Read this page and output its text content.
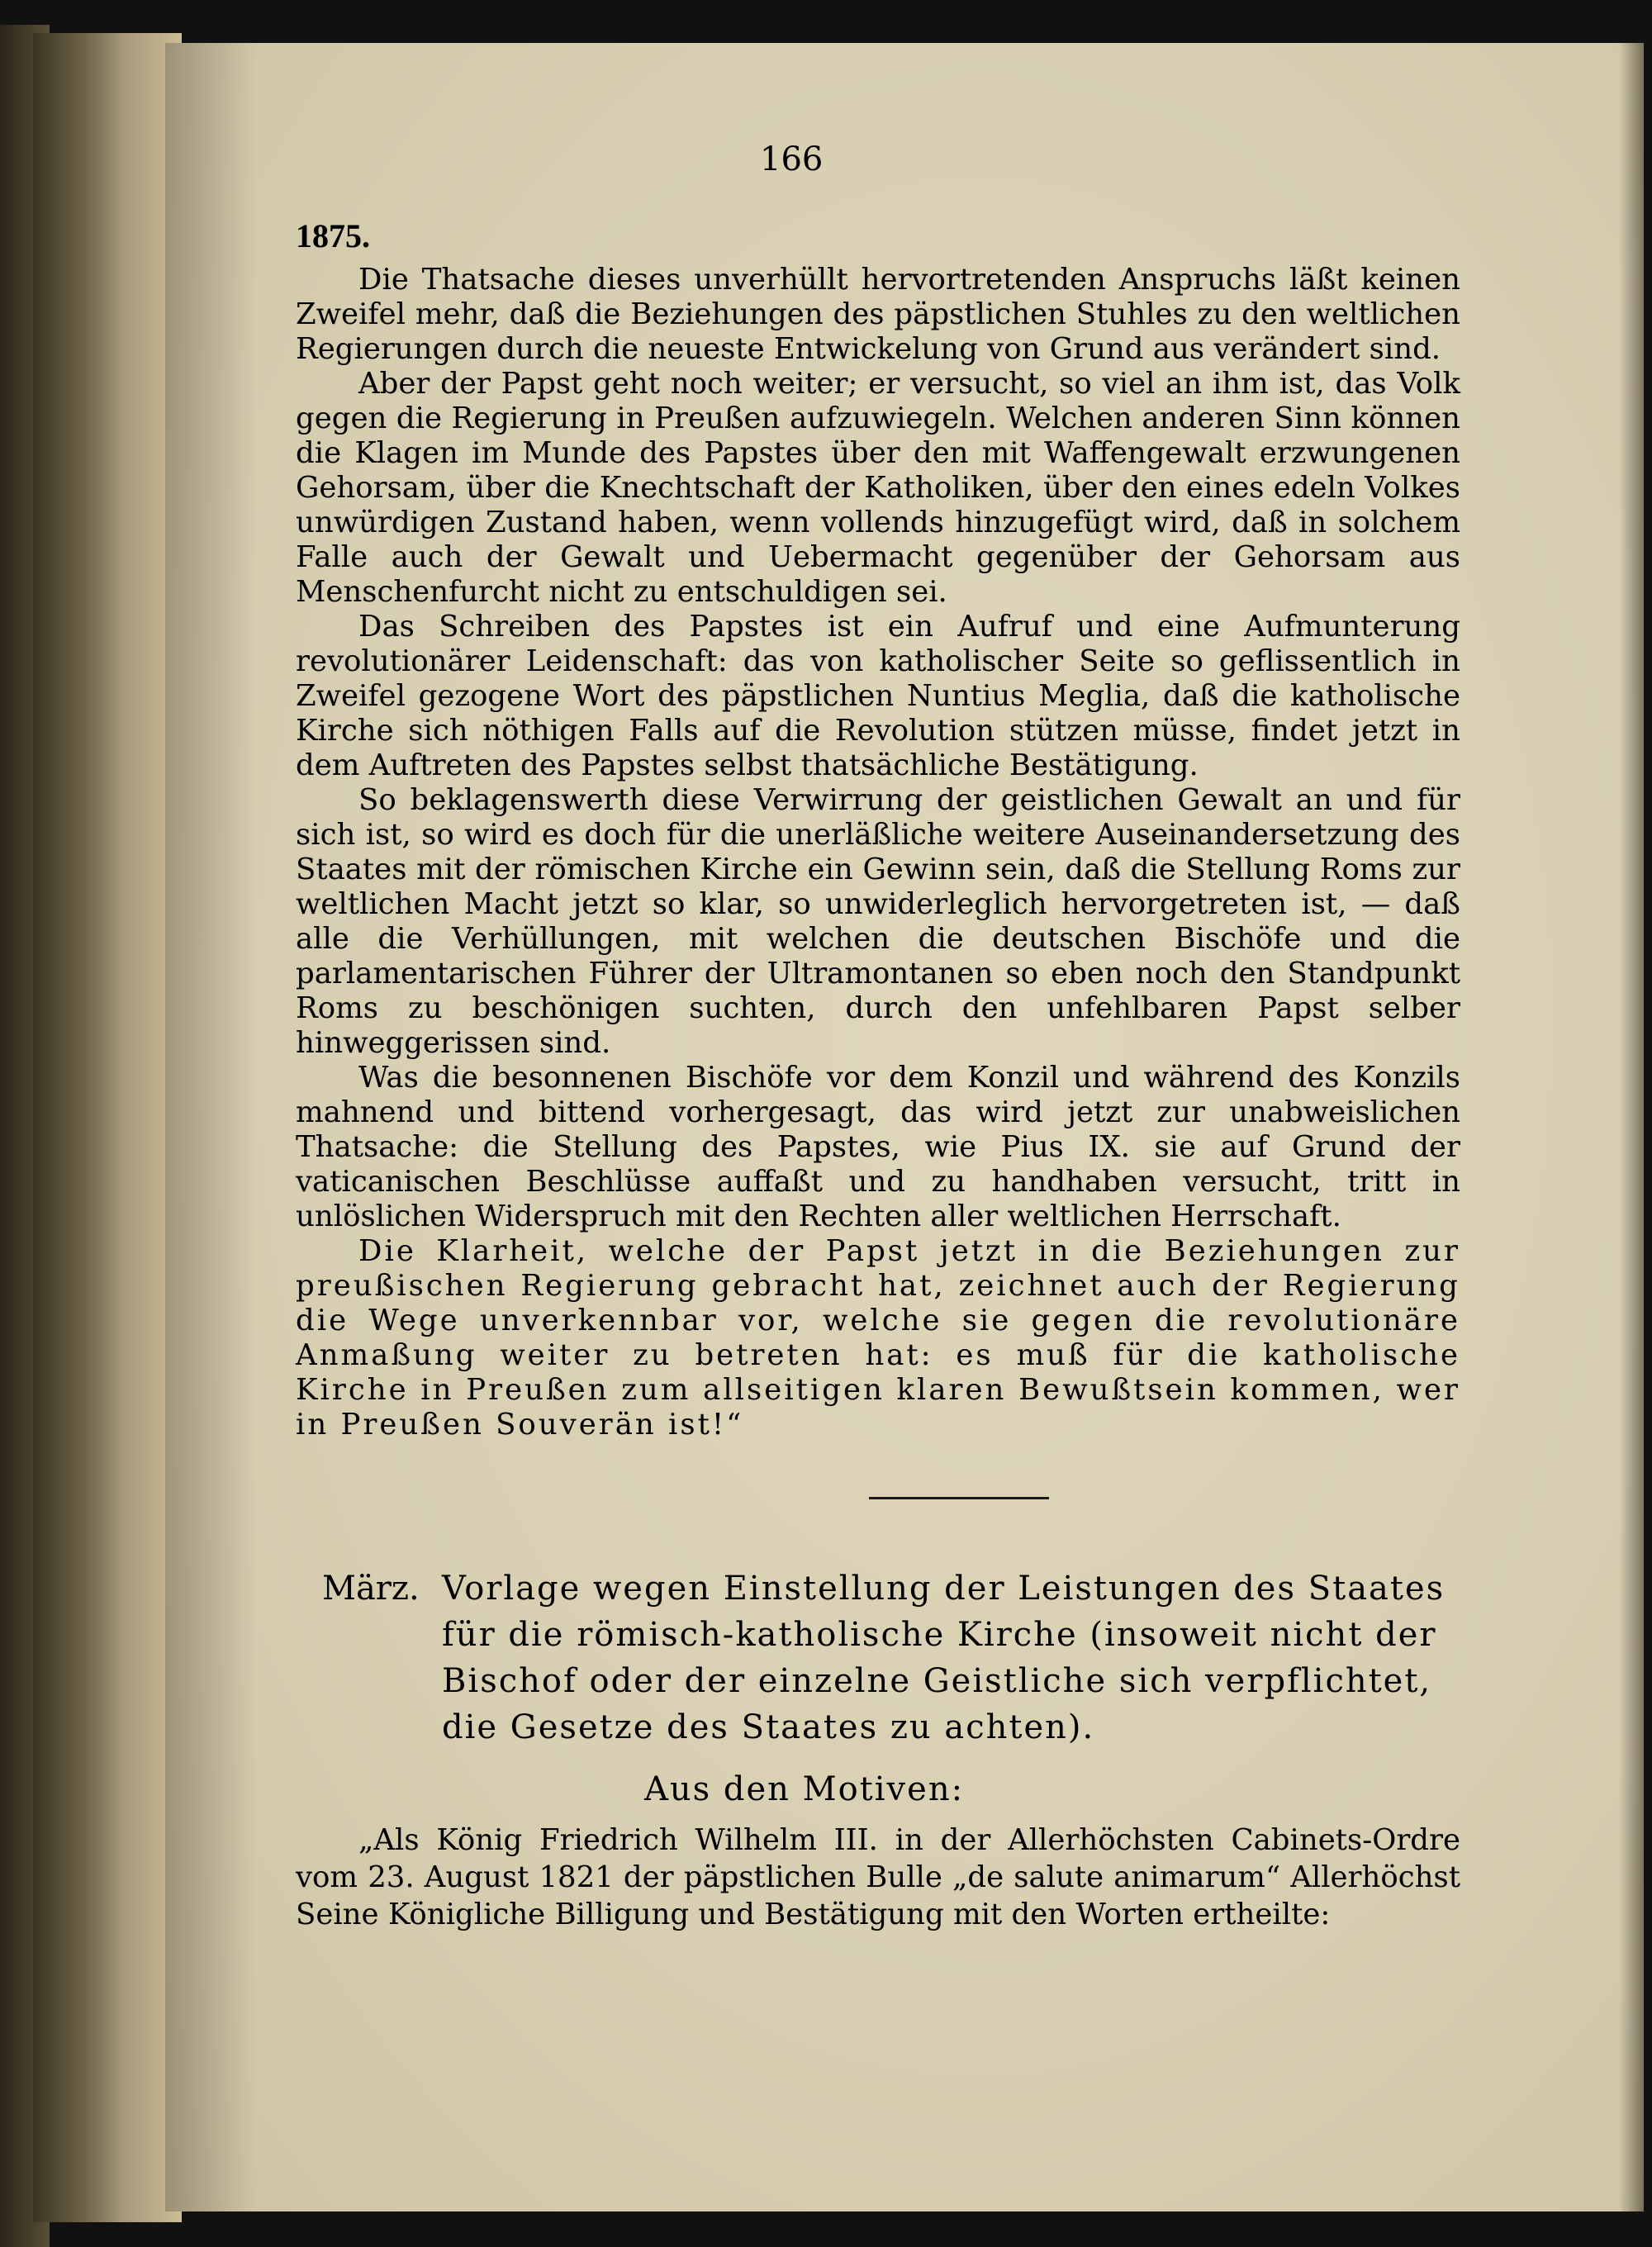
166
1875.

Die Thatsache dieses unverhüllt hervortretenden Anspruchs läßt keinen Zweifel mehr, daß die Beziehungen des päpstlichen Stuhles zu den weltlichen Regierungen durch die neueste Entwickelung von Grund aus verändert sind.

Aber der Papst geht noch weiter; er versucht, so viel an ihm ist, das Volk gegen die Regierung in Preußen aufzuwiegeln. Welchen anderen Sinn können die Klagen im Munde des Papstes über den mit Waffengewalt erzwungenen Gehorsam, über die Knechtschaft der Katholiken, über den eines edeln Volkes unwürdigen Zustand haben, wenn vollends hinzugefügt wird, daß in solchem Falle auch der Gewalt und Uebermacht gegenüber der Gehorsam aus Menschenfurcht nicht zu entschuldigen sei.

Das Schreiben des Papstes ist ein Aufruf und eine Aufmunterung revolutionärer Leidenschaft: das von katholischer Seite so geflissentlich in Zweifel gezogene Wort des päpstlichen Nuntius Meglia, daß die katholische Kirche sich nöthigen Falls auf die Revolution stützen müsse, findet jetzt in dem Auftreten des Papstes selbst thatsächliche Bestätigung.

So beklagenswerth diese Verwirrung der geistlichen Gewalt an und für sich ist, so wird es doch für die unerläßliche weitere Auseinandersetzung des Staates mit der römischen Kirche ein Gewinn sein, daß die Stellung Roms zur weltlichen Macht jetzt so klar, so unwiderleglich hervorgetreten ist, — daß alle die Verhüllungen, mit welchen die deutschen Bischöfe und die parlamentarischen Führer der Ultramontanen so eben noch den Standpunkt Roms zu beschönigen suchten, durch den unfehlbaren Papst selber hinweggerissen sind.

Was die besonnenen Bischöfe vor dem Konzil und während des Konzils mahnend und bittend vorhergesagt, das wird jetzt zur unabweislichen Thatsache: die Stellung des Papstes, wie Pius IX. sie auf Grund der vaticanischen Beschlüsse auffaßt und zu handhaben versucht, tritt in unlöslichen Widerspruch mit den Rechten aller weltlichen Herrschaft.

Die Klarheit, welche der Papst jetzt in die Beziehungen zur preußischen Regierung gebracht hat, zeichnet auch der Regierung die Wege unverkennbar vor, welche sie gegen die revolutionäre Anmaßung weiter zu betreten hat: es muß für die katholische Kirche in Preußen zum allseitigen klaren Bewußtsein kommen, wer in Preußen Souverän ist!“

März. Vorlage wegen Einstellung der Leistungen des Staates für die römisch-katholische Kirche (insoweit nicht der Bischof oder der einzelne Geistliche sich verpflichtet, die Gesetze des Staates zu achten).
Aus den Motiven:

„Als König Friedrich Wilhelm III. in der Allerhöchsten Cabinets-Ordre vom 23. August 1821 der päpstlichen Bulle „de salute animarum“ Allerhöchst Seine Königliche Billigung und Bestätigung mit den Worten ertheilte:
